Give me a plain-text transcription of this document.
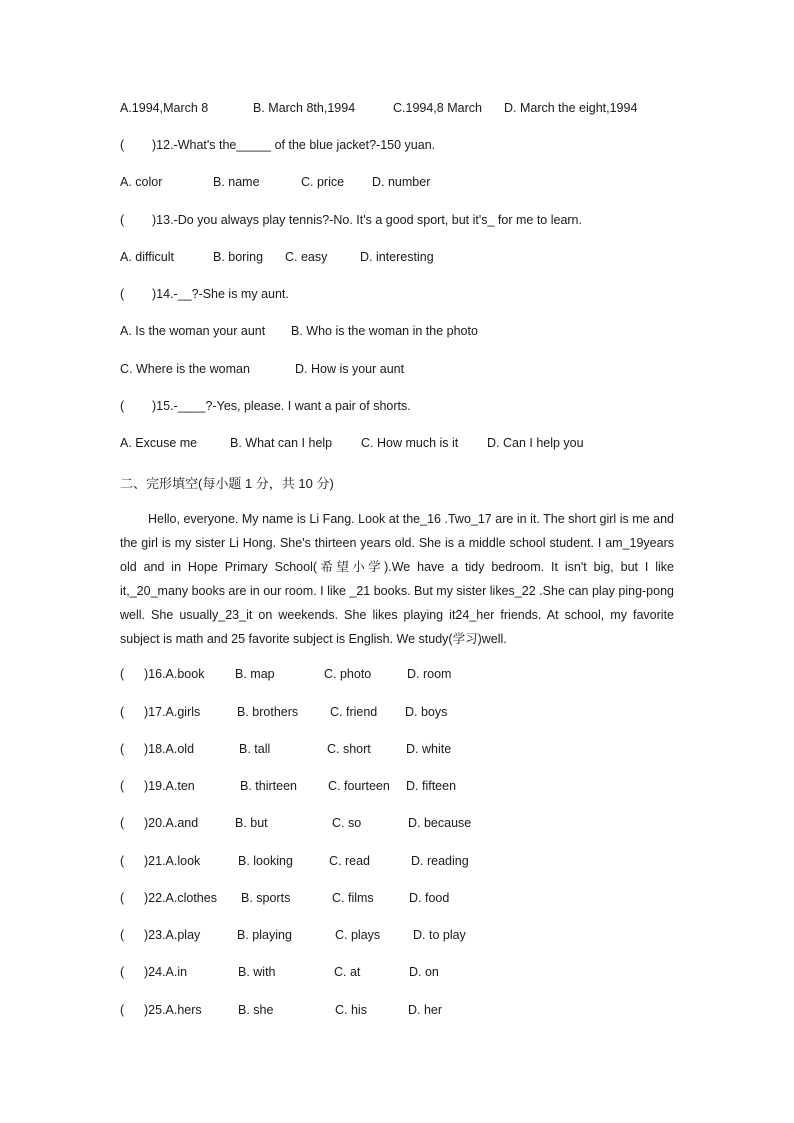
A.1994,March 8	B. March 8th,1994	C.1994,8 March D. March the eight,1994
( )12.-What's the_____ of the blue jacket?-150 yuan.
A. color	B. name	C. price D. number
( )13.-Do you always play tennis?-No. It's a good sport, but it's_ for me to learn.
A. difficult	B. boring C. easy	D. interesting
( )14.-__?-She is my aunt.
A. Is the woman your aunt B. Who is the woman in the photo
C. Where is the woman	D. How is your aunt
( )15.-____?-Yes, please. I want a pair of shorts.
A. Excuse me	B. What can I help C. How much is it D. Can I help you
二、完形填空(每小题 1 分，共 10 分)
Hello, everyone. My name is Li Fang. Look at the_16 .Two_17 are in it. The short girl is me and the girl is my sister Li Hong. She's thirteen years old. She is a middle school student. I am_19years old and in Hope Primary School(希望小学).We have a tidy bedroom. It isn't big, but I like it,_20_many books are in our room. I like _21 books. But my sister likes_22 .She can play ping-pong well. She usually_23_it on weekends. She likes playing it24_her friends. At school, my favorite subject is math and 25 favorite subject is English. We study(学习)well.
( )16.A.book B. map	C. photo	D. room
( )17.A.girls	B. brothers	C. friend D. boys
( )18.A.old	B. tall	C. short	D. white
( )19.A.ten	B. thirteen C. fourteen D. fifteen
( )20.A.and	B. but	C. so	D. because
( )21.A.look	B. looking	C. read	D. reading
( )22.A.clothes B. sports	C. films	D. food
( )23.A.play	B. playing	C. plays	D. to play
( )24.A.in	B. with	C. at	D. on
( )25.A.hers	B. she	C. his	D. her
